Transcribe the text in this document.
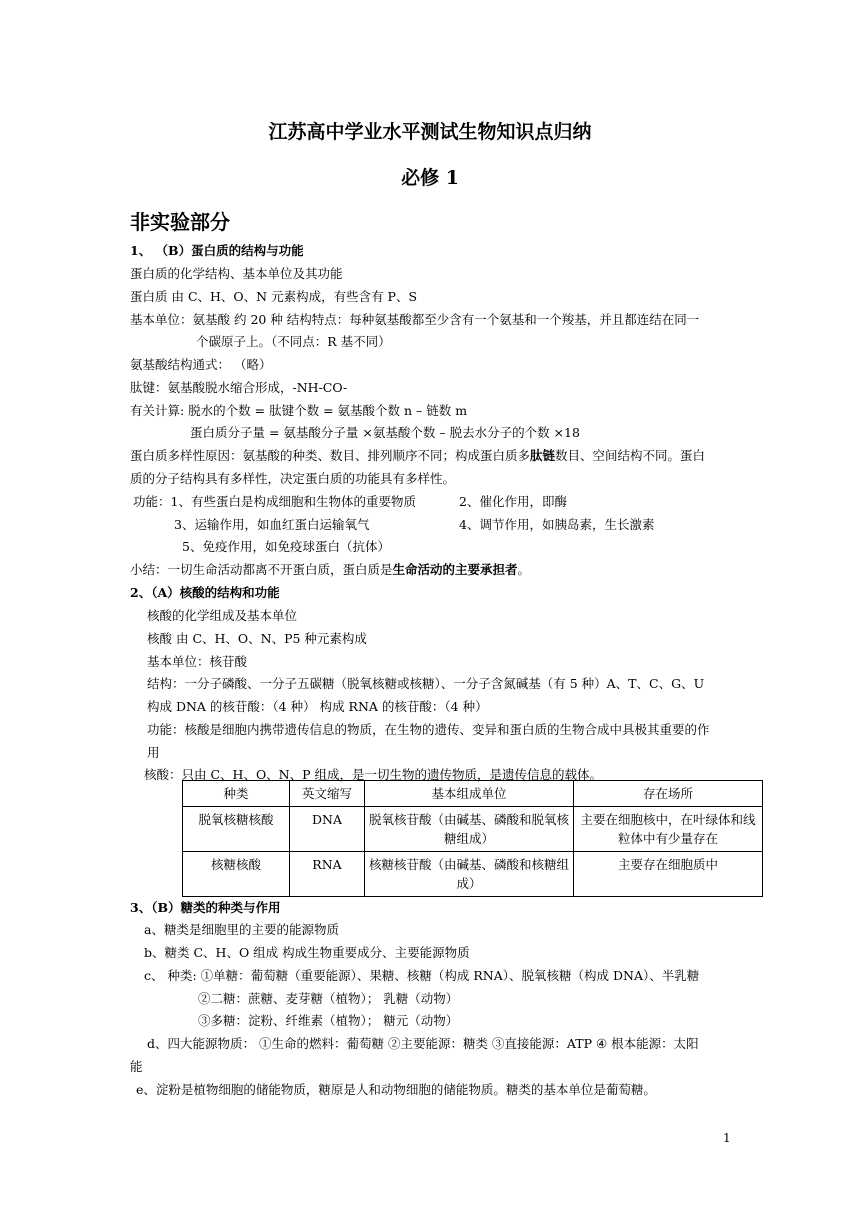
江苏高中学业水平测试生物知识点归纳
必修 1
非实验部分
1、 （B）蛋白质的结构与功能
蛋白质的化学结构、基本单位及其功能
蛋白质 由 C、H、O、N 元素构成，有些含有 P、S
基本单位：氨基酸 约 20 种 结构特点：每种氨基酸都至少含有一个氨基和一个羧基，并且都连结在同一
个碳原子上。（不同点：R 基不同）
氨基酸结构通式： （略）
肽键：氨基酸脱水缩合形成，-NH-CO-
有关计算: 脱水的个数 = 肽键个数 = 氨基酸个数 n – 链数 m
蛋白质分子量 = 氨基酸分子量 ×氨基酸个数 – 脱去水分子的个数 ×18
蛋白质多样性原因：氨基酸的种类、数目、排列顺序不同；构成蛋白质多肽链数目、空间结构不同。蛋白
质的分子结构具有多样性，决定蛋白质的功能具有多样性。
功能：1、有些蛋白是构成细胞和生物体的重要物质	2、催化作用，即酶
3、运输作用，如血红蛋白运输氧气	4、调节作用，如胰岛素，生长激素
5、免疫作用，如免疫球蛋白（抗体）
小结：一切生命活动都离不开蛋白质，蛋白质是生命活动的主要承担者。
2、（A）核酸的结构和功能
核酸的化学组成及基本单位
核酸 由 C、H、O、N、P5 种元素构成
基本单位：核苷酸
结构：一分子磷酸、一分子五碳糖（脱氧核糖或核糖）、一分子含氮碱基（有 5 种）A、T、C、G、U
构成 DNA 的核苷酸：（4 种） 构成 RNA 的核苷酸：（4 种）
功能：核酸是细胞内携带遗传信息的物质，在生物的遗传、变异和蛋白质的生物合成中具极其重要的作
用
核酸：只由 C、H、O、N、P 组成，是一切生物的遗传物质，是遗传信息的载体。
种类	英文缩写	基本组成单位	存在场所
脱氧核糖核酸	DNA	脱氧核苷酸（由碱基、磷酸和脱氧核糖组成）	主要在细胞核中，在叶绿体和线粒体中有少量存在
核糖核酸	RNA	核糖核苷酸（由碱基、磷酸和核糖组成）	主要存在细胞质中
3、（B）糖类的种类与作用
a、糖类是细胞里的主要的能源物质
b、糖类 C、H、O 组成 构成生物重要成分、主要能源物质
c、 种类: ①单糖：葡萄糖（重要能源）、果糖、核糖（构成 RNA）、脱氧核糖（构成 DNA）、半乳糖
②二糖：蔗糖、麦芽糖（植物）； 乳糖（动物）
③多糖：淀粉、纤维素（植物）； 糖元（动物）
d、四大能源物质： ①生命的燃料：葡萄糖 ②主要能源：糖类 ③直接能源：ATP ④ 根本能源：太阳
能
e、淀粉是植物细胞的储能物质，糖原是人和动物细胞的储能物质。糖类的基本单位是葡萄糖。
1
